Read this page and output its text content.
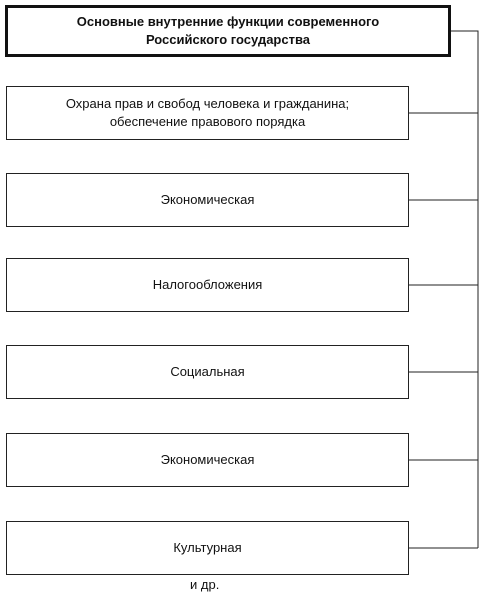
Основные внутренние функции современного
Российского государства
Охрана прав и свобод человека и гражданина;
обеспечение правового порядка
Экономическая
Налогообложения
Социальная
Экономическая
Культурная
и др.
